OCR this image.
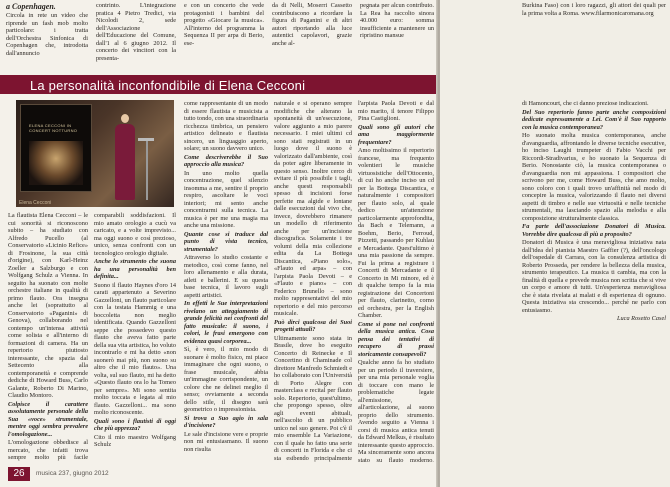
a Copenhagen.

Circola in rete un video che riprende un fash mob molto particolare: i tratta dell'Orchestra Sinfonica di Copenhagen che, introdotta dall'annuncio

contrinto. L'integrazione pratica 4 Pietro Tredici, via Nicolodi 2, sede dell'Associazione dell'Educazione del Comune, dall'1 al 6 giugno 2012. Il concerto dei vincitori con la presenta-

e con un concerto che vede protagonisti i bambini del progetto «Giocare la musica». All'interno del programma la Sequenza II per arpa di Berio, ese-

da di Nelli, Moserri Cassetto contribuiscono a ricordare la figura di Paganini e di altri autori riportando alla luce autentici capolavori, grazie anche al-

pegnata per alcun contributo. La Rea ha raccolto sinora 40.000 euro: somma insufficiente a mantenere un ripristino mansue

La personalità inconfondibile di Elena Cecconi
ELENA CECCONI IN CONCERT NOTTURNO
Elena Cecconi

La flautista Elena Cecconi – le cui sonorità si riconoscono subito – ha studiato con Alfredo Pucello (al Conservatorio «Licinio Refice» di Frosinone, la sua città d'origine), con Karl-Heinz Zoeller a Salzburgo e con Wolfgang Schulz a Vienna. In seguito ha suonato con molte orchestre italiane in qualità di primo flauto. Ora insegna anche lei (soprattutto al Conservatorio «Paganini» di Genova), collaborando nel contempo un'intensa attività come solista e all'interno di formazioni di camera. Ha un repertorio piuttosto interessante, che spazia dal Settecento alla contemporaneità e comprende dediche di Howard Buss, Carlo Galante, Roberto Di Marino, Claudio Montoro.

Colpisce il carattere assolutamente personale della Sua «voce» strumentale, mentre oggi sembra prevalere l'omologazione...

L'omologazione obbedisce al mercato, che infatti trova sempre molto più facile

comparabili soddisfazioni. Il mio amato orologio a cucù va caricato, e a volte imprevisto... ma oggi suono e così prezioso, unico, senza confronti con un tecnologico orologio digitale.

Anche lo strumento che suona ha una personalità ben definita...

Suono il flauto Haynes d'oro 14 carati appartenuto a Severino Gazzelloni, un flauto particolare con la testata Hammig e una boccoletta non meglio identificata. Quando Gazzelloni seppe che possedevo questo flauto che aveva fatto parte della sua vita artistica, ho voluto incontrarlo e mi ha detto «non suonerò mai più, non suono su altro che il mio flauto». Una volta, sul suo flauto, mi ha detto «Questo flauto ora lo ha Tomeo per sempre». Mi sono sentita molto toccata e legata al mio flauto. Gazzelloni... ma sono molto riconoscente.

Quali sono i flautisti di oggi che più apprezza?

Cito il mio maestro Wolfgang Schulz

come rappresentante di un modo di essere flautista e musicista a tutto tondo, con una straordinaria ricchezza timbrica, un pensiero artistico delineato e flautista sincero, un linguaggio aperto, solare; un suono davvero unico.

Come descriverebbe il Suo approccio alla musica?

In uno molto quella concentrazione, quel silenzio insomma a me, sentire il proprio respiro, ascoltare le voci interiori; mi sento anche concentrarmi sulla tecnica. La musica è per me una magia ma anche una missione.

Quante cose si traduce dal punto di vista tecnico, strumentale?

Attraverso lo studio costante e metodico, così come fanno, nel loro allenamento e alla durata, atleti e ballerini. E su questa base tecnica, il lavoro sugli aspetti artistici.

In effetti le Sue interpretazioni rivelano un atteggiamento di grande felicità nei confronti del fatto musicale: il suono, i colori, le frasi emergono con evidenza quasi corporea...

Sì, è vero, il mio modo di suonare è molto fisico, mi piace immaginare che ogni suono, o frase musicale, abbia un'immagine corrispondente, un colore che ne delinei meglio il senso; ovviamente a seconda dello stile, il disegno sarà geometrico o impressionista.

Si trova a Suo agio in sala d'incisione?

Le sale d'incisione vere e proprie non mi entusiasmano. Il suono non risulta

naturale e si operano sempre modifiche che alterano la spontaneità di un'esecuzione, valore aggiunto a mio parere necessario. I miei ultimi cd sono stati registrati in un luogo dove il suono è valorizzato dall'ambiente, così da poter agire liberamente in questo senso. Inoltre cerco di evitare il più possibile i tagli, anche questi responsabili spesso di incisioni forse perfette ma algide e lontane dalle esecuzioni dal vivo che, invece, dovrebbero rimanere un modello di riferimento anche per un'incisione discografica. Solamente i tre volumi della mia collezione edita da La Bottega Discantica, «Piano solo», «Flauto ed arpa» – con l'arpista Paola Devoti – e «Flauto e piano» – con Federico Brunello – sono molto rappresentativi del mio repertorio e del mio percorso musicale.

Può dirci qualcosa dei Suoi progetti attuali?

Ultimamente sono stata in Brasile, dove ho eseguito Concerto di Reinecke e Il Concertino di Chaminade col direttore Manfredo Schmiedt e ho collaborato con l'Università di Porto Alegre con masterclass e recital per flauto solo. Repertorio, quest'ultimo, che propongo spesso, oltre agli eventi abituali, nell'ascolto di un pubblico unico nel suo genere. Poi c'è il mio ensemble La Variazione, con il quale ho fatto una serie di concerti in Florida e che ci sta esibendo principalmente

l'arpista Paola Devoti e dal mio marito, il tenore Filippo Pina Castiglioni.

Quali sono gli autori che ama maggiormente frequentare?

Amo moltissimo il repertorio francese, ma frequento volentieri le musiche virtuosistiche dell'Ottocento, di cui ho anche inciso un cd per la Bottega Discantica, e naturalmente i compositori per flauto solo, al quale dedico un'attenzione particolarmente approfondita, da Bach e Telemann, a Boehm, Berio, Ferroud, Pizzetti, passando per Kuhlau e Mercadante. Quest'ultimo è una mia passione da sempre. Fui la prima a registrare i Concerti di Mercadante e il Concerto in Mi minore, ed è di qualche tempo fa la mia registrazione dei Concertoni per flauto, clarinetto, corno ed orchestra, per la English Chamber.

Come si pone nei confronti della musica antica. Cosa pensa dei tentativi di recupero di prassi storicamente consapevoli?

Qualche anno fa ho studiato per un periodo il traversiere, per una mia personale voglia di toccare con mano le problematiche legate all'emissione, all'articolazione, al suono proprio dello strumento. Avendo seguito a Vienna i corsi di musica antica tenuti da Edward Melkus, è risultato interessante questo approccio. Ma sinceramente sono ancora stato su flauto moderno,

26	musica 237, giugno 2012

Burkina Faso) con i loro ragazzi, gli attori dei quali per la prima volta a Roma. www.filarmonicaromana.org

di Hamoncourt, che ci danno preziose indicazioni.

Del Suo repertorio fanno parte anche composizioni dedicate espressamente a Lei. Com'è il Suo rapporto con la musica contemporanea?

Ho suonato molta musica contemporanea, anche d'avanguardia, affrontando le diverse tecniche esecutive, ho inciso Laughi trumpeter di Fabio Vacchi per Riccordi-Stradivarius, e ho suonato la Sequenza di Berio. Nonostante ciò, la musica contemporanea o d'avanguardia non mi appassiona. I compositori che scrivono per me, come Howard Buss, che amo molto, sono coloro con i quali trovo un'affinità nel modo di concepire la musica, valorizzando il flauto nei diversi aspetti di timbro e nelle sue virtuosità e nelle tecniche strumentali, ma lasciando spazio alla melodia e alla composizione strutturalmente classica.

Fa parte dell'associazione Donatori di Musica. Vorrebbe dire qualcosa di più a proposito?

Donatori di Musica è una meravigliosa iniziativa nata dall'idea del pianista Maestro Gaffier (?), dell'oncologo dell'ospedale di Carrara, con la consulenza artistica di Roberto Prosseda, per rendere la bellezza della musica, strumento terapeutico. La musica ti cambia, ma con la finalità di quella e prevede musica non scritta che si vive un corpo e amore di tutti. Un'esperienza meravigliosa che è stata rivelata ai malati e di esperienza di ognuno. Questa iniziativa sta crescendo... perché ne parlo con entusiasmo.

Luca Rosetto Casel
